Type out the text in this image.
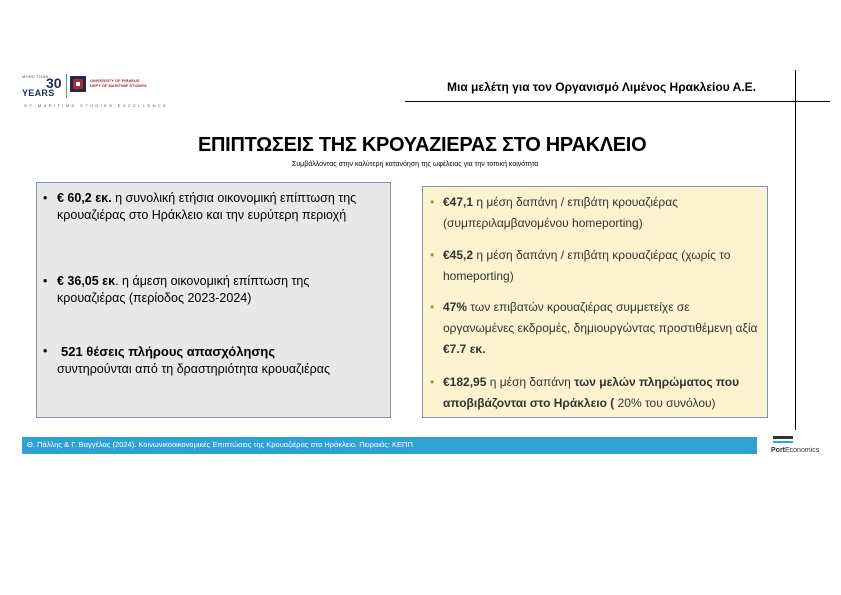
MORE THAN
30
YEARS
UNIVERSITY OF PIRAEUS
DEPT OF MARITIME STUDIES
OF MARITIME STUDIES EXCELLENCE
Μια μελέτη για τον Οργανισμό Λιμένος Ηρακλείου Α.Ε.
ΕΠΙΠΤΩΣΕΙΣ ΤΗΣ ΚΡΟΥΑΖΙΕΡΑΣ ΣΤΟ ΗΡΑΚΛΕΙΟ
Συμβάλλοντας στην καλύτερη κατανόηση της ωφέλειας για την τοπική κοινότητα
• € 60,2 εκ. η συνολική ετήσια οικονομική επίπτωση της κρουαζιέρας στο Ηράκλειο και την ευρύτερη περιοχή
• € 36,05 εκ. η άμεση οικονομική επίπτωση της κρουαζιέρας (περίοδος 2023-2024)
• 521 θέσεις πλήρους απασχόλησης
συντηρούνται από τη δραστηριότητα κρουαζιέρας
• €47,1 η μέση δαπάνη / επιβάτη κρουαζιέρας (συμπεριλαμβανομένου homeporting)
• €45,2 η μέση δαπάνη / επιβάτη κρουαζιέρας (χωρίς το homeporting)
• 47% των επιβατών κρουαζιέρας συμμετείχε σε οργανωμένες εκδρομές, δημιουργώντας προστιθέμενη αξία €7.7 εκ.
• €182,95 η μέση δαπάνη των μελών πληρώματος που αποβιβάζονται στο Ηράκλειο ( 20% του συνόλου)
Θ. Πάλλης & Γ. Βαγγέλας (2024). Κοινωνικοοικονομικές Επιπτώσεις της Κρουαζιέρας στο Ηράκλειο. Πειραιάς: ΚΕΠΠ
PortEconomics
